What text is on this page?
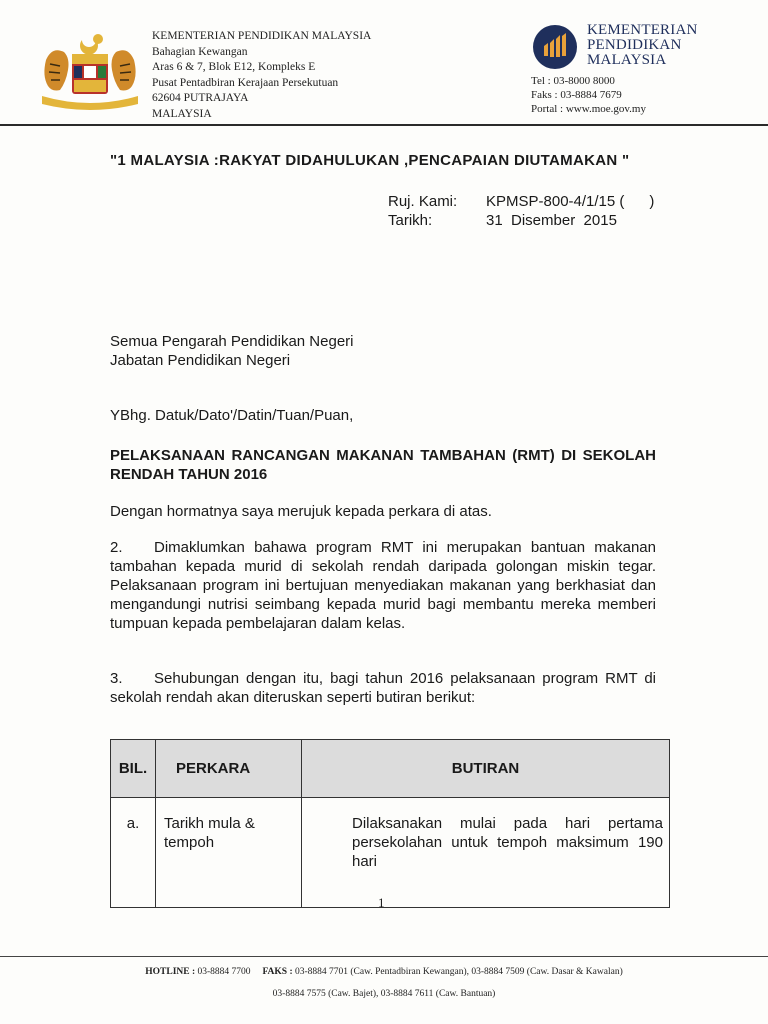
KEMENTERIAN PENDIDIKAN MALAYSIA
Bahagian Kewangan
Aras 6 & 7, Blok E12, Kompleks E
Pusat Pentadbiran Kerajaan Persekutuan
62604 PUTRAJAYA
MALAYSIA
KEMENTERIAN
PENDIDIKAN
MALAYSIA
Tel : 03-8000 8000
Faks : 03-8884 7679
Portal : www.moe.gov.my
"1 MALAYSIA :RAKYAT DIDAHULUKAN ,PENCAPAIAN DIUTAMAKAN "
Ruj. Kami:	KPMSP-800-4/1/15 (      )
Tarikh:	31  Disember  2015
Semua Pengarah Pendidikan Negeri
Jabatan Pendidikan Negeri
YBhg. Datuk/Dato'/Datin/Tuan/Puan,
PELAKSANAAN RANCANGAN MAKANAN TAMBAHAN (RMT) DI SEKOLAH RENDAH TAHUN 2016
Dengan hormatnya saya merujuk kepada perkara di atas.
2. Dimaklumkan bahawa program RMT ini merupakan bantuan makanan tambahan kepada murid di sekolah rendah daripada golongan miskin tegar. Pelaksanaan program ini bertujuan menyediakan makanan yang berkhasiat dan mengandungi nutrisi seimbang kepada murid bagi membantu mereka memberi tumpuan kepada pembelajaran dalam kelas.
3. Sehubungan dengan itu, bagi tahun 2016 pelaksanaan program RMT di sekolah rendah akan diteruskan seperti butiran berikut:
BIL.	PERKARA	BUTIRAN
a.	Tarikh mula & tempoh	Dilaksanakan mulai pada hari pertama persekolahan untuk tempoh maksimum 190 hari
1
HOTLINE : 03-8884 7700 FAKS : 03-8884 7701 (Caw. Pentadbiran Kewangan), 03-8884 7509 (Caw. Dasar & Kawalan)
03-8884 7575 (Caw. Bajet), 03-8884 7611 (Caw. Bantuan)
